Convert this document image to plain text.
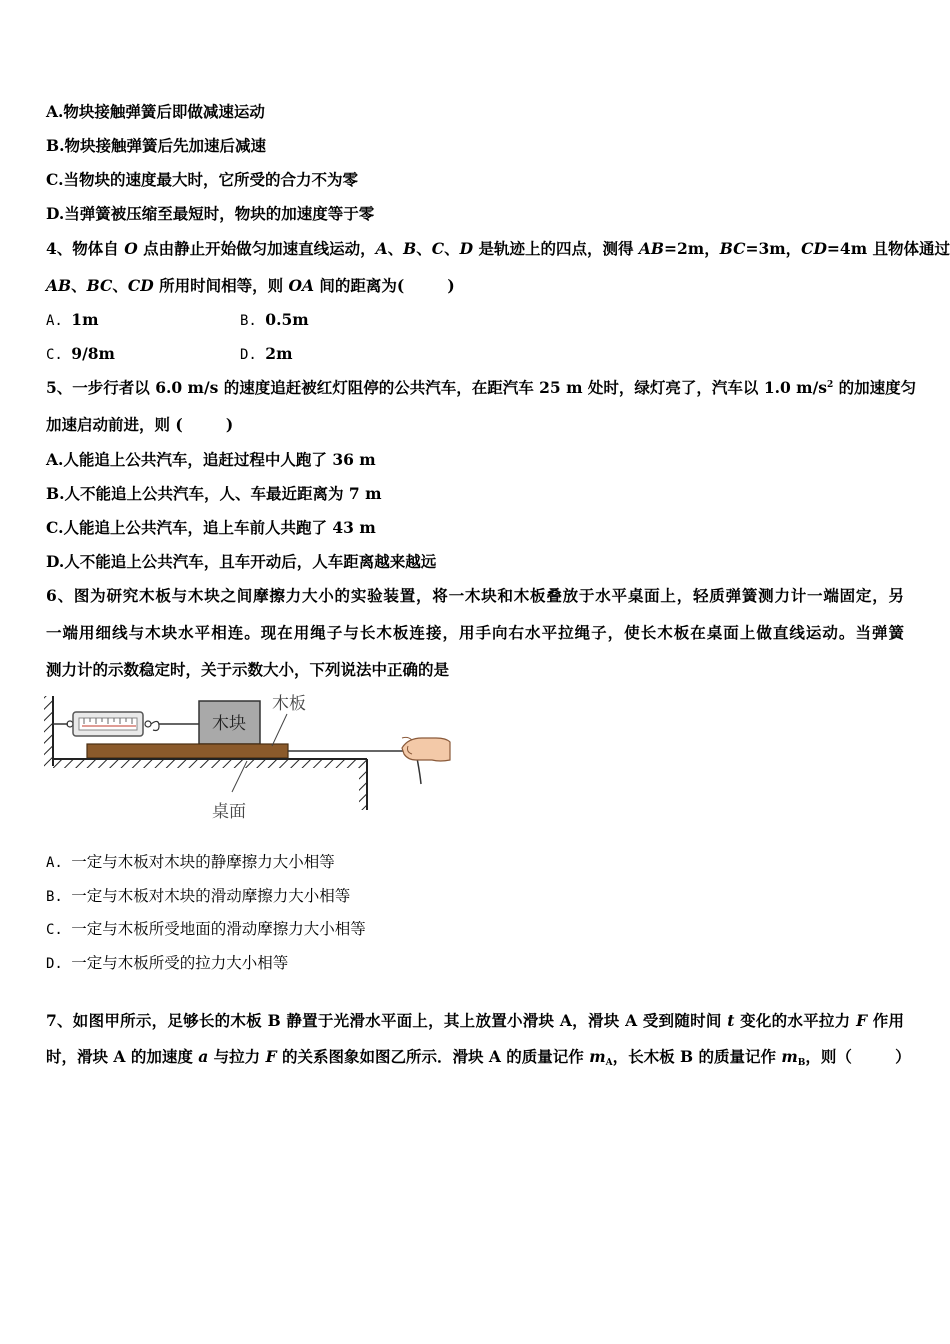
A.物块接触弹簧后即做减速运动
B.物块接触弹簧后先加速后减速
C.当物块的速度最大时，它所受的合力不为零
D.当弹簧被压缩至最短时，物块的加速度等于零
4、物体自 O 点由静止开始做匀加速直线运动，A、B、C、D 是轨迹上的四点，测得 AB=2m，BC=3m，CD=4m 且物体通过
AB、BC、CD 所用时间相等，则 OA 间的距离为(        )
A. 1m	B. 0.5m
C. 9/8m	D. 2m
5、一步行者以 6.0 m/s 的速度追赶被红灯阻停的公共汽车，在距汽车 25 m 处时，绿灯亮了，汽车以 1.0 $m/s^2$ 的加速度匀
加速启动前进，则 (        )
A.人能追上公共汽车，追赶过程中人跑了 36 m
B.人不能追上公共汽车，人、车最近距离为 7 m
C.人能追上公共汽车，追上车前人共跑了 43 m
D.人不能追上公共汽车，且车开动后，人车距离越来越远
6、图为研究木板与木块之间摩擦力大小的实验装置，将一木块和木板叠放于水平桌面上，轻质弹簧测力计一端固定，另
一端用细线与木块水平相连。现在用绳子与长木板连接，用手向右水平拉绳子，使长木板在桌面上做直线运动。当弹簧
测力计的示数稳定时，关于示数大小，下列说法中正确的是
木块
木板
桌面
A. 一定与木板对木块的静摩擦力大小相等
B. 一定与木板对木块的滑动摩擦力大小相等
C. 一定与木板所受地面的滑动摩擦力大小相等
D. 一定与木板所受的拉力大小相等
7、如图甲所示，足够长的木板 B 静置于光滑水平面上，其上放置小滑块 A，滑块 A 受到随时间 t 变化的水平拉力 F 作用
时，滑块 A 的加速度 a 与拉力 F 的关系图象如图乙所示．滑块 A 的质量记作 $m_A$，长木板 B 的质量记作 $m_B$，则（        ）
